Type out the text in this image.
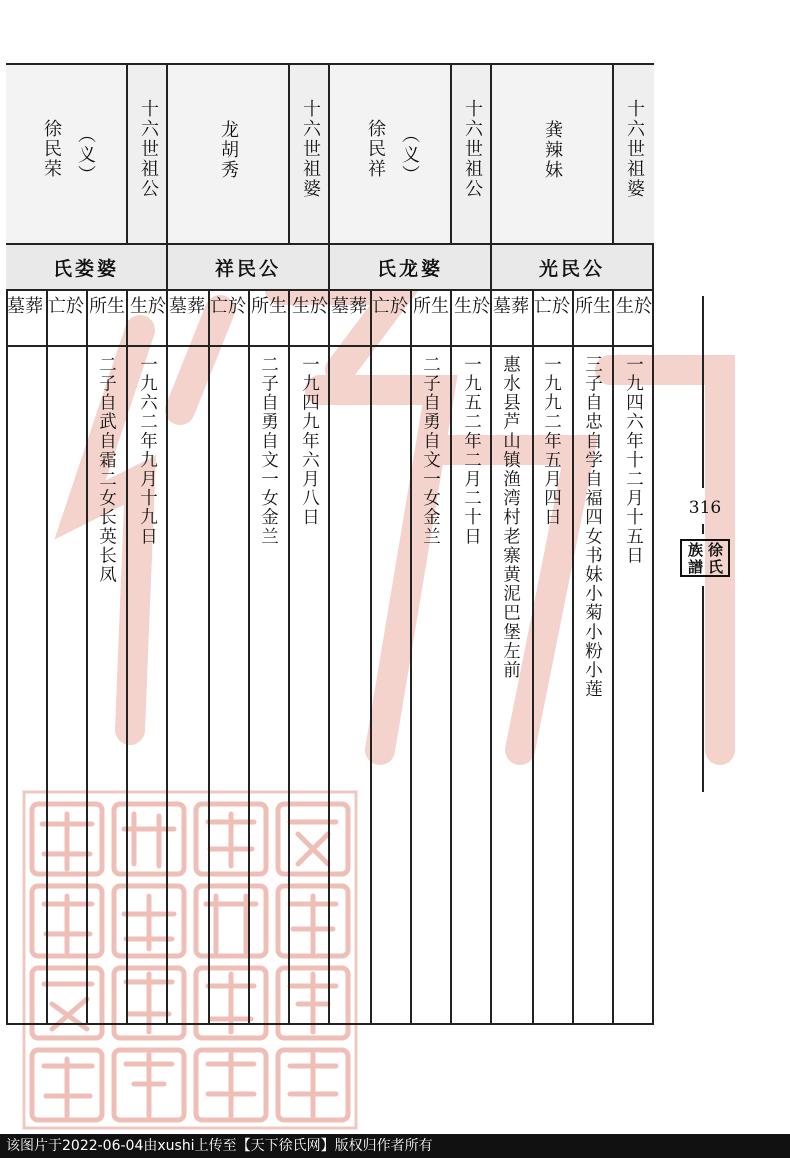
十六世祖婆
龚辣妹
光民公
生於
所生
亡於
墓葬
一九四六年十二月十五日
三子自忠自学自福四女书妹小菊小粉小莲
一九九二年五月四日
惠水县芦山镇渔湾村老寨黄泥巴堡左前
十六世祖公
（义）
徐民祥
氏龙婆
生於
所生
亡於
墓葬
一九五二年二月二十日
二子自勇自文一女金兰
十六世祖婆
龙胡秀
祥民公
生於
所生
亡於
墓葬
一九四九年六月八日
二子自勇自文一女金兰
十六世祖公
（义）
徐民荣
氏娄婆
生於
所生
亡於
墓葬
一九六二年九月十九日
二子自武自霜二女长英长凤	316
徐
氏
族
譜
该图片于2022-06-04由xushi上传至【天下徐氏网】版权归作者所有
